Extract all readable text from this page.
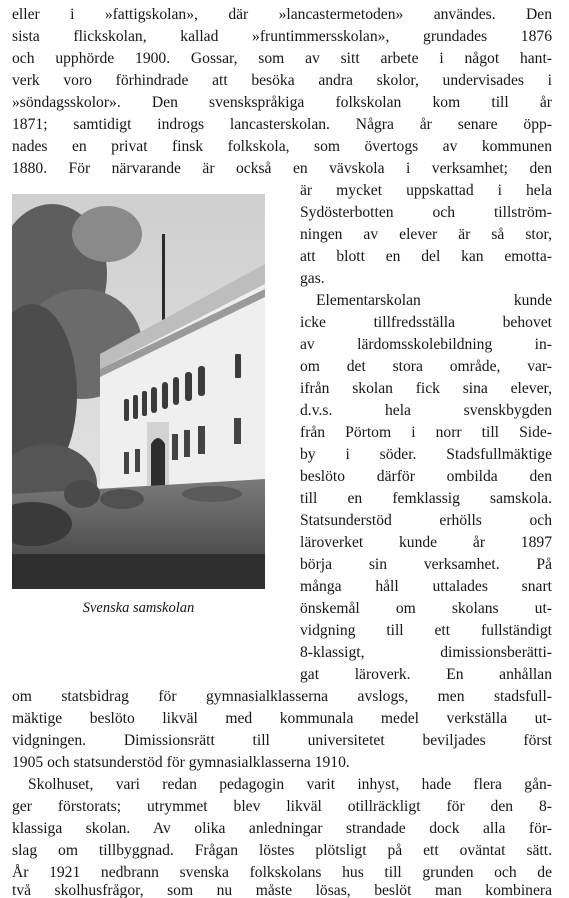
eller i »fattigskolan», där »lancastermetoden» användes. Den
sista flickskolan, kallad »fruntimmersskolan», grundades 1876
och upphörde 1900. Gossar, som av sitt arbete i något hant-
verk voro förhindrade att besöka andra skolor, undervisades i
»söndagsskolor». Den svenskspråkiga folkskolan kom till år
1871; samtidigt indrogs lancasterskolan. Några år senare öpp-
nades en privat finsk folkskola, som övertogs av kommunen
1880. För närvarande är också en vävskola i verksamhet; den
Svenska samskolan
är mycket uppskattad i hela
Sydösterbotten och tillström-
ningen av elever är så stor,
att blott en del kan emotta-
gas.
Elementarskolan kunde
icke tillfredsställa behovet
av lärdomsskolebildning in-
om det stora område, var-
ifrån skolan fick sina elever,
d.v.s. hela svenskbygden
från Pörtom i norr till Side-
by i söder. Stadsfullmäktige
beslöto därför ombilda den
till en femklassig samskola.
Statsunderstöd erhölls och
läroverket kunde år 1897
börja sin verksamhet. På
många håll uttalades snart
önskemål om skolans ut-
vidgning till ett fullständigt
8-klassigt, dimissionsberätti-
gat läroverk. En anhållan
om statsbidrag för gymnasialklasserna avslogs, men stadsfull-
mäktige beslöto likväl med kommunala medel verkställa ut-
vidgningen. Dimissionsrätt till universitetet beviljades först
1905 och statsunderstöd för gymnasialklasserna 1910.
Skolhuset, vari redan pedagogin varit inhyst, hade flera gån-
ger förstorats; utrymmet blev likväl otillräckligt för den 8-
klassiga skolan. Av olika anledningar strandade dock alla för-
slag om tillbyggnad. Frågan löstes plötsligt på ett oväntat sätt.
År 1921 nedbrann svenska folkskolans hus till grunden och de
två skolhusfrågor, som nu måste lösas, beslöt man kombinera
